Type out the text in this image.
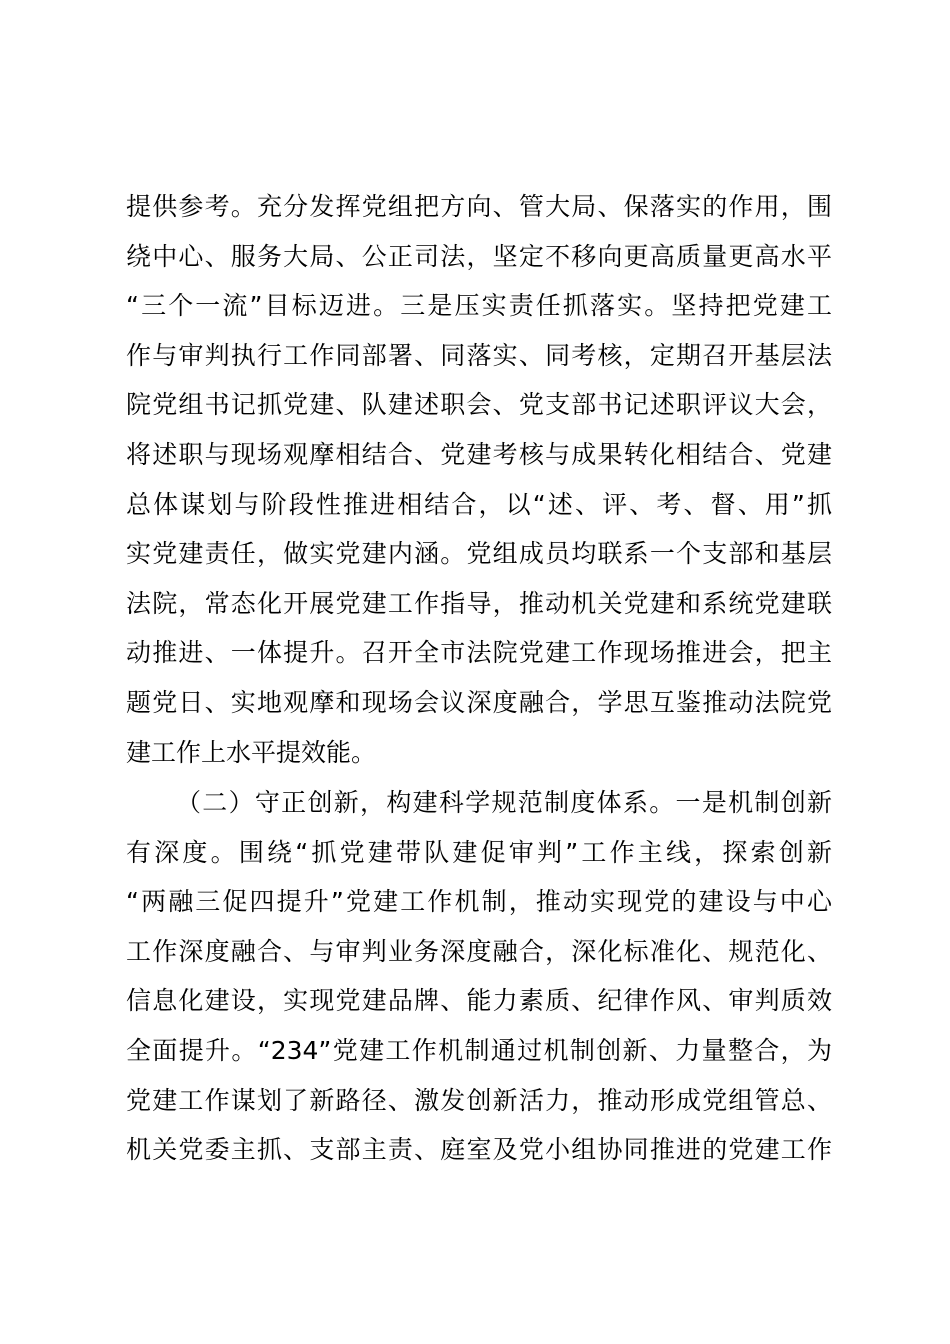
提供参考。充分发挥党组把方向、管大局、保落实的作用，围
绕中心、服务大局、公正司法，坚定不移向更高质量更高水平
“三个一流”目标迈进。三是压实责任抓落实。坚持把党建工
作与审判执行工作同部署、同落实、同考核，定期召开基层法
院党组书记抓党建、队建述职会、党支部书记述职评议大会，
将述职与现场观摩相结合、党建考核与成果转化相结合、党建
总体谋划与阶段性推进相结合，以“述、评、考、督、用”抓
实党建责任，做实党建内涵。党组成员均联系一个支部和基层
法院，常态化开展党建工作指导，推动机关党建和系统党建联
动推进、一体提升。召开全市法院党建工作现场推进会，把主
题党日、实地观摩和现场会议深度融合，学思互鉴推动法院党
建工作上水平提效能。
（二）守正创新，构建科学规范制度体系。一是机制创新
有深度。围绕“抓党建带队建促审判”工作主线，探索创新
“两融三促四提升”党建工作机制，推动实现党的建设与中心
工作深度融合、与审判业务深度融合，深化标准化、规范化、
信息化建设，实现党建品牌、能力素质、纪律作风、审判质效
全面提升。“234”党建工作机制通过机制创新、力量整合，为
党建工作谋划了新路径、激发创新活力，推动形成党组管总、
机关党委主抓、支部主责、庭室及党小组协同推进的党建工作
